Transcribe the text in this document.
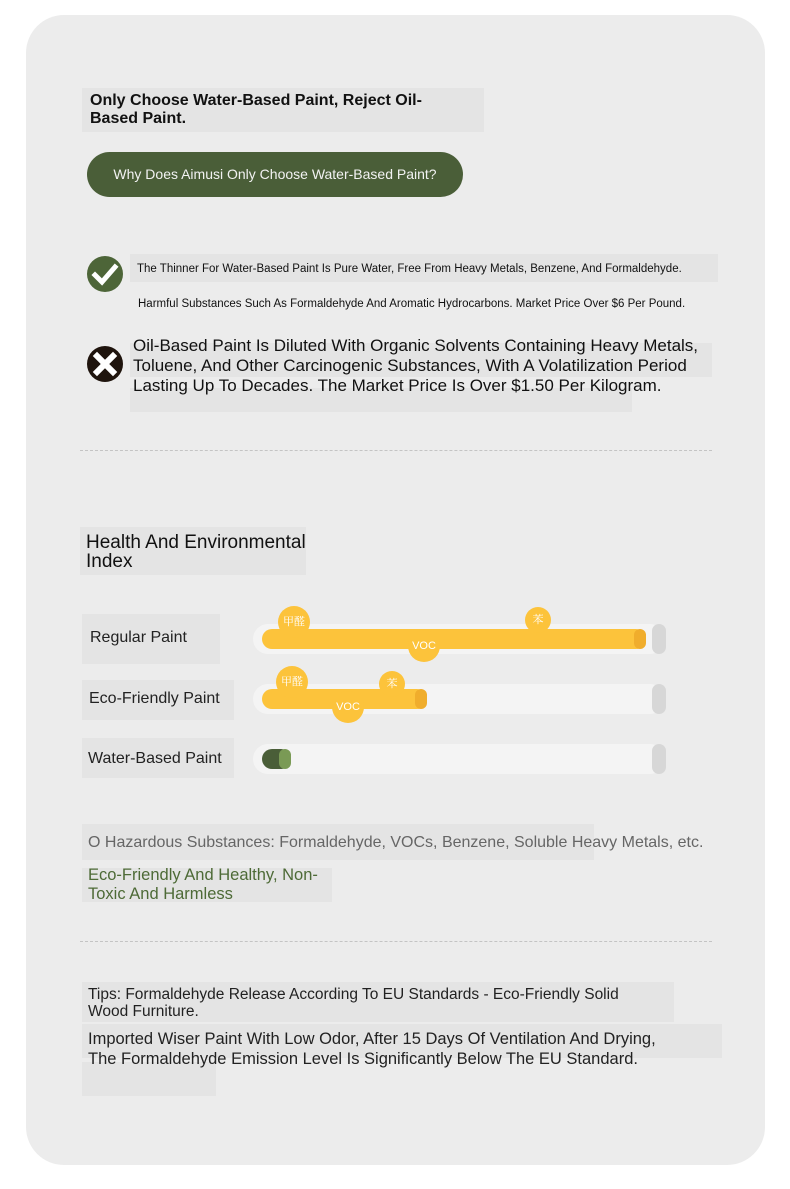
Only Choose Water-Based Paint, Reject Oil-Based Paint.
Why Does Aimusi Only Choose Water-Based Paint?
The Thinner For Water-Based Paint Is Pure Water, Free From Heavy Metals, Benzene, And Formaldehyde.
Harmful Substances Such As Formaldehyde And Aromatic Hydrocarbons. Market Price Over $6 Per Pound.
Oil-Based Paint Is Diluted With Organic Solvents Containing Heavy Metals, Toluene, And Other Carcinogenic Substances, With A Volatilization Period Lasting Up To Decades. The Market Price Is Over $1.50 Per Kilogram.
Health And Environmental Index
Regular Paint
甲醛
VOC
苯
Eco-Friendly Paint
甲醛
VOC
苯
Water-Based Paint
O Hazardous Substances: Formaldehyde, VOCs, Benzene, Soluble Heavy Metals, etc.
Eco-Friendly And Healthy, Non-Toxic And Harmless
Tips: Formaldehyde Release According To EU Standards - Eco-Friendly Solid Wood Furniture.
Imported Wiser Paint With Low Odor, After 15 Days Of Ventilation And Drying, The Formaldehyde Emission Level Is Significantly Below The EU Standard.
